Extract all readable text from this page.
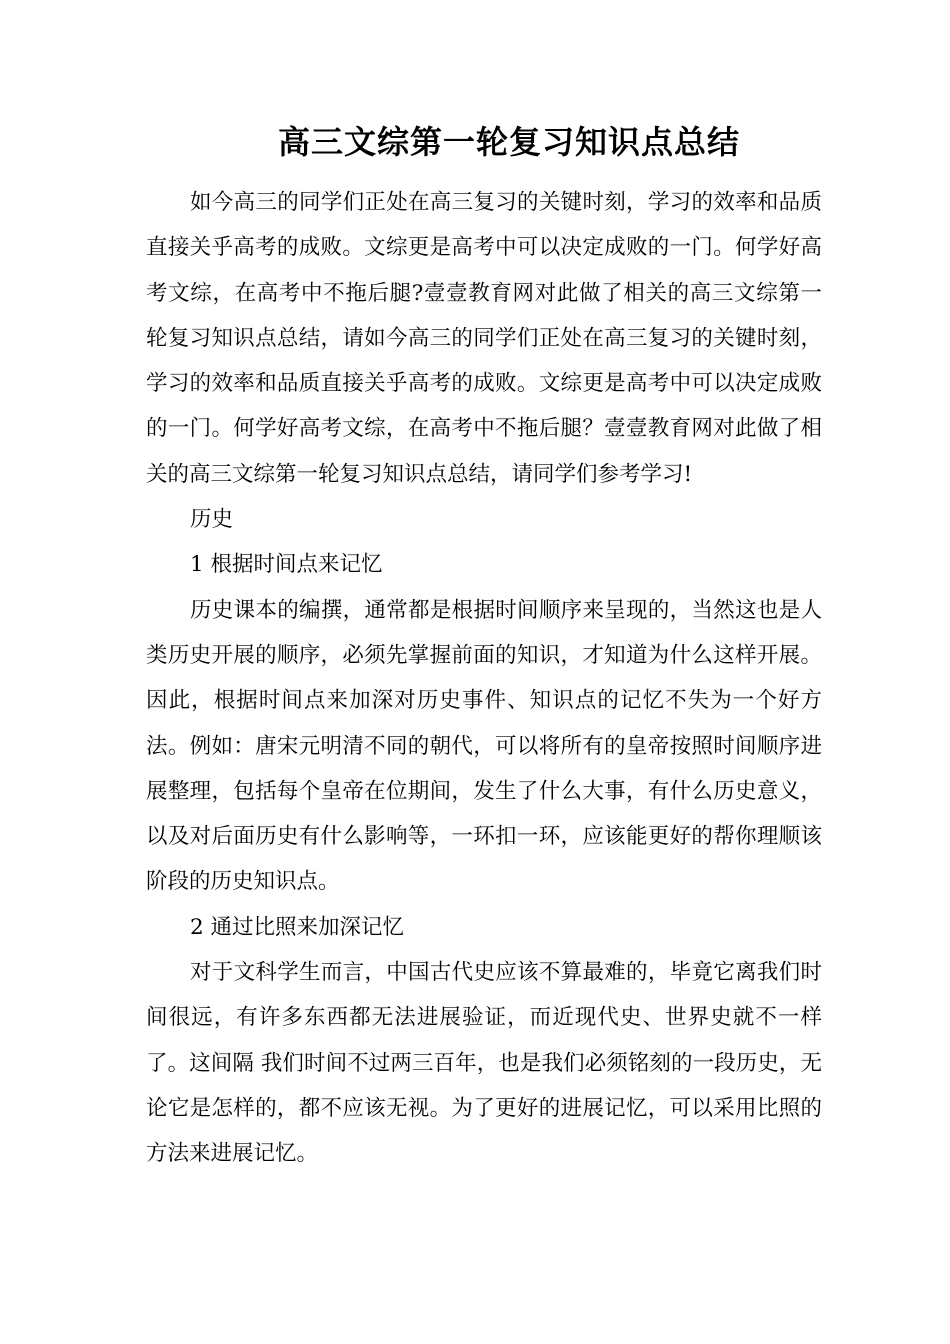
高三文综第一轮复习知识点总结

如今高三的同学们正处在高三复习的关键时刻，学习的效率和品质直接关乎高考的成败。文综更是高考中可以决定成败的一门。何学好高考文综，在高考中不拖后腿?壹壹教育网对此做了相关的高三文综第一轮复习知识点总结，请如今高三的同学们正处在高三复习的关键时刻，学习的效率和品质直接关乎高考的成败。文综更是高考中可以决定成败的一门。何学好高考文综，在高考中不拖后腿？壹壹教育网对此做了相关的高三文综第一轮复习知识点总结，请同学们参考学习!

历史

1 根据时间点来记忆

历史课本的编撰，通常都是根据时间顺序来呈现的，当然这也是人类历史开展的顺序，必须先掌握前面的知识，才知道为什么这样开展。因此，根据时间点来加深对历史事件、知识点的记忆不失为一个好方法。例如：唐宋元明清不同的朝代，可以将所有的皇帝按照时间顺序进展整理，包括每个皇帝在位期间，发生了什么大事，有什么历史意义，以及对后面历史有什么影响等，一环扣一环，应该能更好的帮你理顺该阶段的历史知识点。

2 通过比照来加深记忆

对于文科学生而言，中国古代史应该不算最难的，毕竟它离我们时间很远，有许多东西都无法进展验证，而近现代史、世界史就不一样了。这间隔 我们时间不过两三百年，也是我们必须铭刻的一段历史，无论它是怎样的，都不应该无视。为了更好的进展记忆，可以采用比照的方法来进展记忆。
